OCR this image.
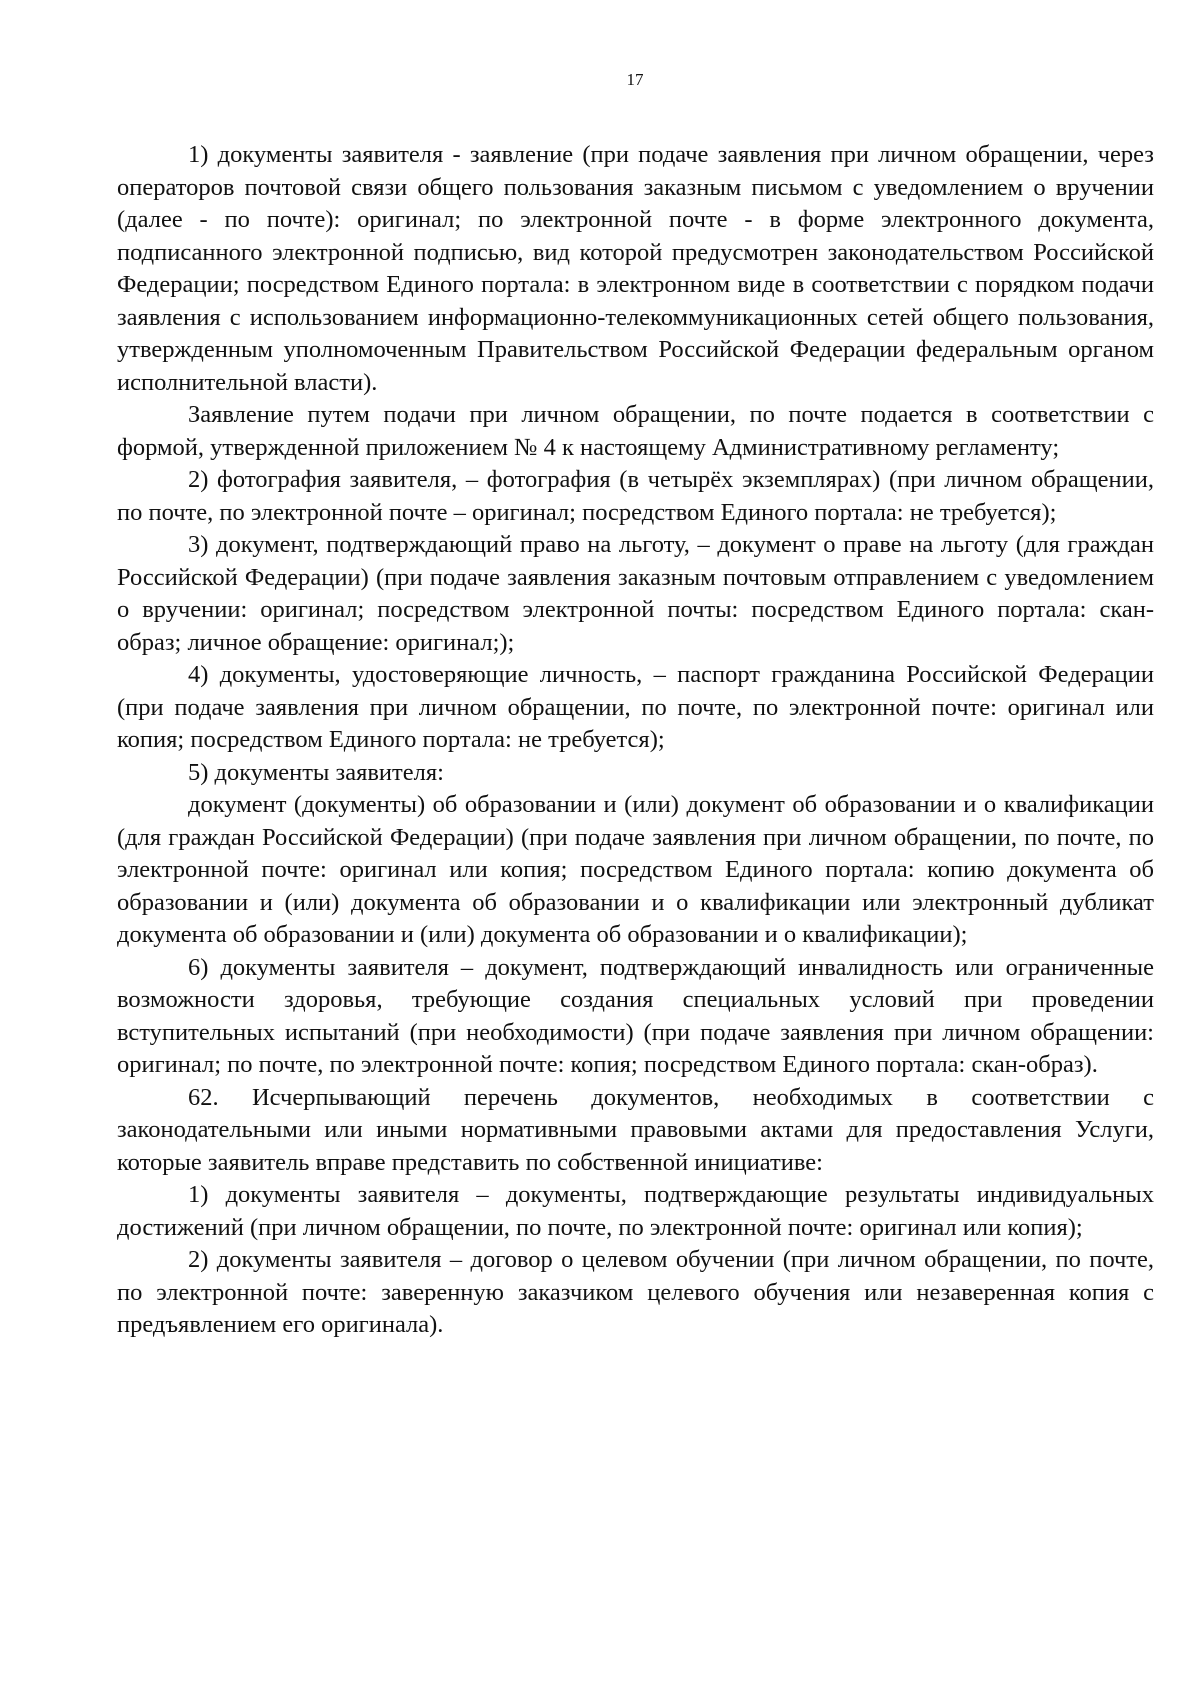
17

1) документы заявителя - заявление (при подаче заявления при личном обращении, через операторов почтовой связи общего пользования заказным письмом с уведомлением о вручении (далее - по почте): оригинал; по электронной почте - в форме электронного документа, подписанного электронной подписью, вид которой предусмотрен законодательством Российской Федерации; посредством Единого портала: в электронном виде в соответствии с порядком подачи заявления с использованием информационно-телекоммуникационных сетей общего пользования, утвержденным уполномоченным Правительством Российской Федерации федеральным органом исполнительной власти).

Заявление путем подачи при личном обращении, по почте подается в соответствии с формой, утвержденной приложением № 4 к настоящему Административному регламенту;

2) фотография заявителя, – фотография (в четырёх экземплярах) (при личном обращении, по почте, по электронной почте – оригинал; посредством Единого портала: не требуется);

3) документ, подтверждающий право на льготу, – документ о праве на льготу (для граждан Российской Федерации) (при подаче заявления заказным почтовым отправлением с уведомлением о вручении: оригинал; посредством электронной почты: посредством Единого портала: скан-образ; личное обращение: оригинал;);

4) документы, удостоверяющие личность, – паспорт гражданина Российской Федерации (при подаче заявления при личном обращении, по почте, по электронной почте: оригинал или копия; посредством Единого портала: не требуется);

5) документы заявителя:

документ (документы) об образовании и (или) документ об образовании и о квалификации (для граждан Российской Федерации) (при подаче заявления при личном обращении, по почте, по электронной почте: оригинал или копия; посредством Единого портала: копию документа об образовании и (или) документа об образовании и о квалификации или электронный дубликат документа об образовании и (или) документа об образовании и о квалификации);

6) документы заявителя – документ, подтверждающий инвалидность или ограниченные возможности здоровья, требующие создания специальных условий при проведении вступительных испытаний (при необходимости) (при подаче заявления при личном обращении: оригинал; по почте, по электронной почте: копия; посредством Единого портала: скан-образ).

62. Исчерпывающий перечень документов, необходимых в соответствии с законодательными или иными нормативными правовыми актами для предоставления Услуги, которые заявитель вправе представить по собственной инициативе:

1) документы заявителя – документы, подтверждающие результаты индивидуальных достижений (при личном обращении, по почте, по электронной почте: оригинал или копия);

2) документы заявителя – договор о целевом обучении (при личном обращении, по почте, по электронной почте: заверенную заказчиком целевого обучения или незаверенная копия с предъявлением его оригинала).
